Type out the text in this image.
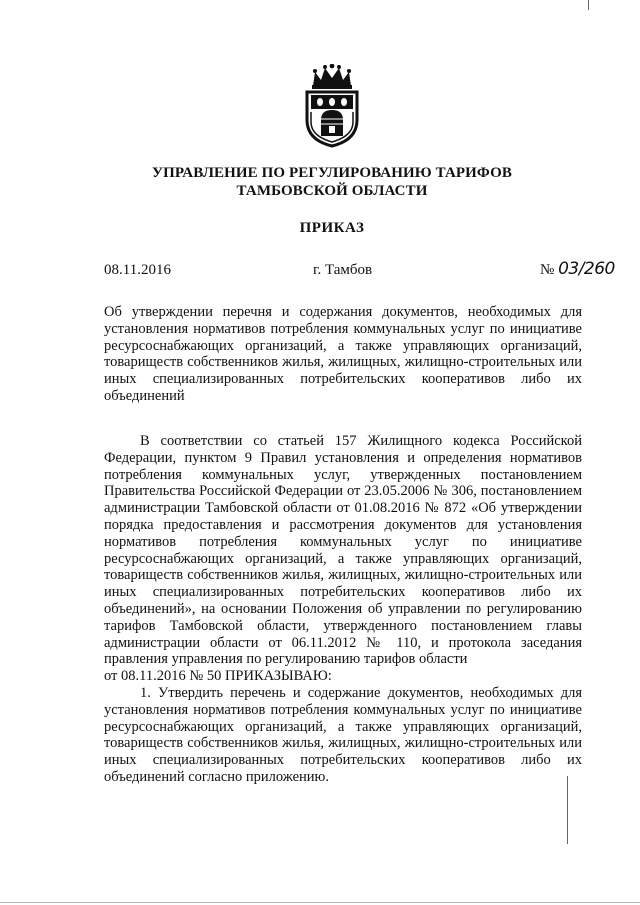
УПРАВЛЕНИЕ ПО РЕГУЛИРОВАНИЮ ТАРИФОВ
ТАМБОВСКОЙ ОБЛАСТИ
ПРИКАЗ
08.11.2016	г. Тамбов	№ 03/260
Об утверждении перечня и содержания документов, необходимых для
установления нормативов потребления коммунальных услуг по инициативе
ресурсоснабжающих организаций, а также управляющих организаций,
товариществ собственников жилья, жилищных, жилищно-строительных или
иных специализированных потребительских кооперативов либо их
объединений
В соответствии со статьей 157 Жилищного кодекса Российской
Федерации, пунктом 9 Правил установления и определения нормативов
потребления коммунальных услуг, утвержденных постановлением
Правительства Российской Федерации от 23.05.2006 № 306, постановлением
администрации Тамбовской области от 01.08.2016 № 872 «Об утверждении
порядка предоставления и рассмотрения документов для установления
нормативов потребления коммунальных услуг по инициативе
ресурсоснабжающих организаций, а также управляющих организаций,
товариществ собственников жилья, жилищных, жилищно-строительных или
иных специализированных потребительских кооперативов либо их
объединений», на основании Положения об управлении по регулированию
тарифов Тамбовской области, утвержденного постановлением главы
администрации области от 06.11.2012 № 110, и протокола заседания
правления управления по регулированию тарифов области
от 08.11.2016 № 50 ПРИКАЗЫВАЮ:
1. Утвердить перечень и содержание документов, необходимых для
установления нормативов потребления коммунальных услуг по инициативе
ресурсоснабжающих организаций, а также управляющих организаций,
товариществ собственников жилья, жилищных, жилищно-строительных или
иных специализированных потребительских кооперативов либо их
объединений согласно приложению.
